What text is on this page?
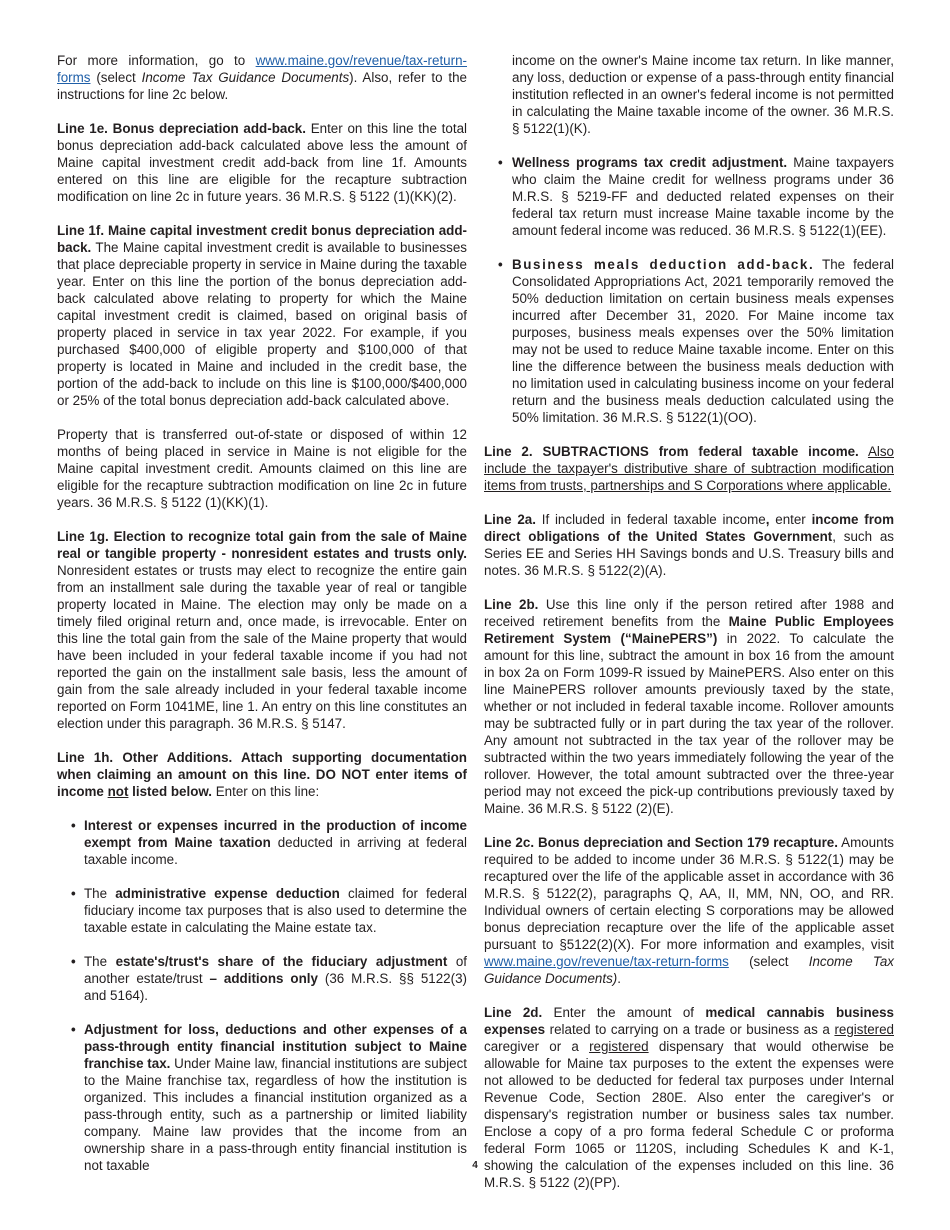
For more information, go to www.maine.gov/revenue/tax-return-forms (select Income Tax Guidance Documents). Also, refer to the instructions for line 2c below.
Line 1e. Bonus depreciation add-back. Enter on this line the total bonus depreciation add-back calculated above less the amount of Maine capital investment credit add-back from line 1f. Amounts entered on this line are eligible for the recapture subtraction modification on line 2c in future years. 36 M.R.S. § 5122 (1)(KK)(2).
Line 1f. Maine capital investment credit bonus depreciation add-back. The Maine capital investment credit is available to businesses that place depreciable property in service in Maine during the taxable year. Enter on this line the portion of the bonus depreciation add-back calculated above relating to property for which the Maine capital investment credit is claimed, based on original basis of property placed in service in tax year 2022. For example, if you purchased $400,000 of eligible property and $100,000 of that property is located in Maine and included in the credit base, the portion of the add-back to include on this line is $100,000/$400,000 or 25% of the total bonus depreciation add-back calculated above.
Property that is transferred out-of-state or disposed of within 12 months of being placed in service in Maine is not eligible for the Maine capital investment credit. Amounts claimed on this line are eligible for the recapture subtraction modification on line 2c in future years. 36 M.R.S. § 5122 (1)(KK)(1).
Line 1g. Election to recognize total gain from the sale of Maine real or tangible property - nonresident estates and trusts only. Nonresident estates or trusts may elect to recognize the entire gain from an installment sale during the taxable year of real or tangible property located in Maine. The election may only be made on a timely filed original return and, once made, is irrevocable. Enter on this line the total gain from the sale of the Maine property that would have been included in your federal taxable income if you had not reported the gain on the installment sale basis, less the amount of gain from the sale already included in your federal taxable income reported on Form 1041ME, line 1. An entry on this line constitutes an election under this paragraph. 36 M.R.S. § 5147.
Line 1h. Other Additions. Attach supporting documentation when claiming an amount on this line. DO NOT enter items of income not listed below. Enter on this line:
• Interest or expenses incurred in the production of income exempt from Maine taxation deducted in arriving at federal taxable income.
• The administrative expense deduction claimed for federal fiduciary income tax purposes that is also used to determine the taxable estate in calculating the Maine estate tax.
• The estate's/trust's share of the fiduciary adjustment of another estate/trust – additions only (36 M.R.S. §§ 5122(3) and 5164).
• Adjustment for loss, deductions and other expenses of a pass-through entity financial institution subject to Maine franchise tax. Under Maine law, financial institutions are subject to the Maine franchise tax, regardless of how the institution is organized. This includes a financial institution organized as a pass-through entity, such as a partnership or limited liability company. Maine law provides that the income from an ownership share in a pass-through entity financial institution is not taxable
income on the owner's Maine income tax return. In like manner, any loss, deduction or expense of a pass-through entity financial institution reflected in an owner's federal income is not permitted in calculating the Maine taxable income of the owner. 36 M.R.S. § 5122(1)(K).
• Wellness programs tax credit adjustment. Maine taxpayers who claim the Maine credit for wellness programs under 36 M.R.S. § 5219-FF and deducted related expenses on their federal tax return must increase Maine taxable income by the amount federal income was reduced. 36 M.R.S. § 5122(1)(EE).
• Business meals deduction add-back. The federal Consolidated Appropriations Act, 2021 temporarily removed the 50% deduction limitation on certain business meals expenses incurred after December 31, 2020. For Maine income tax purposes, business meals expenses over the 50% limitation may not be used to reduce Maine taxable income. Enter on this line the difference between the business meals deduction with no limitation used in calculating business income on your federal return and the business meals deduction calculated using the 50% limitation. 36 M.R.S. § 5122(1)(OO).
Line 2. SUBTRACTIONS from federal taxable income. Also include the taxpayer's distributive share of subtraction modification items from trusts, partnerships and S Corporations where applicable.
Line 2a. If included in federal taxable income, enter income from direct obligations of the United States Government, such as Series EE and Series HH Savings bonds and U.S. Treasury bills and notes. 36 M.R.S. § 5122(2)(A).
Line 2b. Use this line only if the person retired after 1988 and received retirement benefits from the Maine Public Employees Retirement System (“MainePERS”) in 2022. To calculate the amount for this line, subtract the amount in box 16 from the amount in box 2a on Form 1099-R issued by MainePERS. Also enter on this line MainePERS rollover amounts previously taxed by the state, whether or not included in federal taxable income. Rollover amounts may be subtracted fully or in part during the tax year of the rollover. Any amount not subtracted in the tax year of the rollover may be subtracted within the two years immediately following the year of the rollover. However, the total amount subtracted over the three-year period may not exceed the pick-up contributions previously taxed by Maine. 36 M.R.S. § 5122 (2)(E).
Line 2c. Bonus depreciation and Section 179 recapture. Amounts required to be added to income under 36 M.R.S. § 5122(1) may be recaptured over the life of the applicable asset in accordance with 36 M.R.S. § 5122(2), paragraphs Q, AA, II, MM, NN, OO, and RR. Individual owners of certain electing S corporations may be allowed bonus depreciation recapture over the life of the applicable asset pursuant to §5122(2)(X). For more information and examples, visit www.maine.gov/revenue/tax-return-forms (select Income Tax Guidance Documents).
Line 2d. Enter the amount of medical cannabis business expenses related to carrying on a trade or business as a registered caregiver or a registered dispensary that would otherwise be allowable for Maine tax purposes to the extent the expenses were not allowed to be deducted for federal tax purposes under Internal Revenue Code, Section 280E. Also enter the caregiver's or dispensary's registration number or business sales tax number. Enclose a copy of a pro forma federal Schedule C or proforma federal Form 1065 or 1120S, including Schedules K and K-1, showing the calculation of the expenses included on this line. 36 M.R.S. § 5122 (2)(PP).
4
